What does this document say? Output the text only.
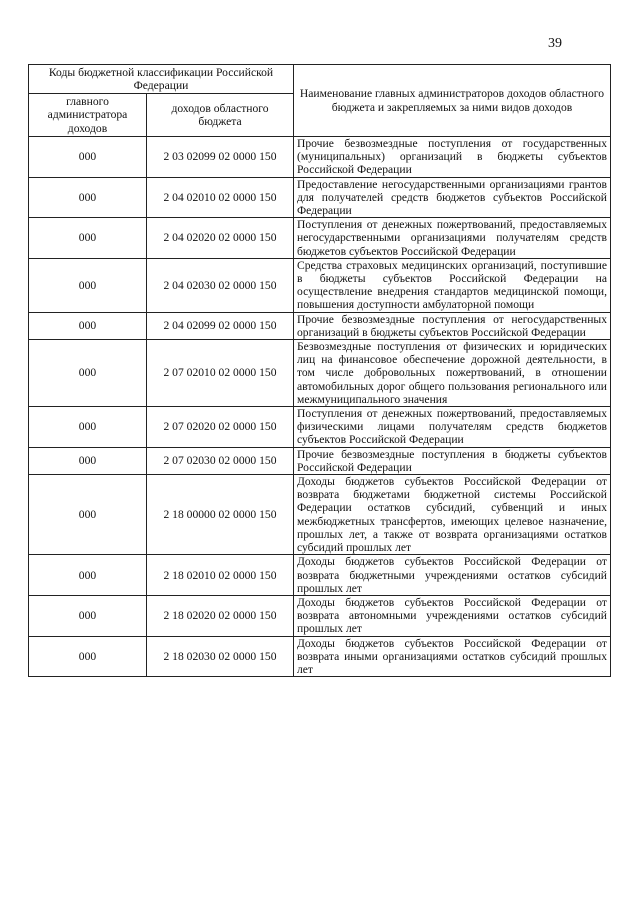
39
Коды бюджетной классификации Российской Федерации		Наименование главных администраторов доходов областного бюджета и закрепляемых за ними видов доходов
главного администратора доходов	доходов областного бюджета	
000	2 03 02099 02 0000 150	Прочие безвозмездные поступления от государственных (муниципальных) организаций в бюджеты субъектов Российской Федерации
000	2 04 02010 02 0000 150	Предоставление негосударственными организациями грантов для получателей средств бюджетов субъектов Российской Федерации
000	2 04 02020 02 0000 150	Поступления от денежных пожертвований, предоставляемых негосударственными организациями получателям средств бюджетов субъектов Российской Федерации
000	2 04 02030 02 0000 150	Средства страховых медицинских организаций, поступившие в бюджеты субъектов Российской Федерации на осуществление внедрения стандартов медицинской помощи, повышения доступности амбулаторной помощи
000	2 04 02099 02 0000 150	Прочие безвозмездные поступления от негосударственных организаций в бюджеты субъектов Российской Федерации
000	2 07 02010 02 0000 150	Безвозмездные поступления от физических и юридических лиц на финансовое обеспечение дорожной деятельности, в том числе добровольных пожертвований, в отношении автомобильных дорог общего пользования регионального или межмуниципального значения
000	2 07 02020 02 0000 150	Поступления от денежных пожертвований, предоставляемых физическими лицами получателям средств бюджетов субъектов Российской Федерации
000	2 07 02030 02 0000 150	Прочие безвозмездные поступления в бюджеты субъектов Российской Федерации
000	2 18 00000 02 0000 150	Доходы бюджетов субъектов Российской Федерации от возврата бюджетами бюджетной системы Российской Федерации остатков субсидий, субвенций и иных межбюджетных трансфертов, имеющих целевое назначение, прошлых лет, а также от возврата организациями остатков субсидий прошлых лет
000	2 18 02010 02 0000 150	Доходы бюджетов субъектов Российской Федерации от возврата бюджетными учреждениями остатков субсидий прошлых лет
000	2 18 02020 02 0000 150	Доходы бюджетов субъектов Российской Федерации от возврата автономными учреждениями остатков субсидий прошлых лет
000	2 18 02030 02 0000 150	Доходы бюджетов субъектов Российской Федерации от возврата иными организациями остатков субсидий прошлых лет
